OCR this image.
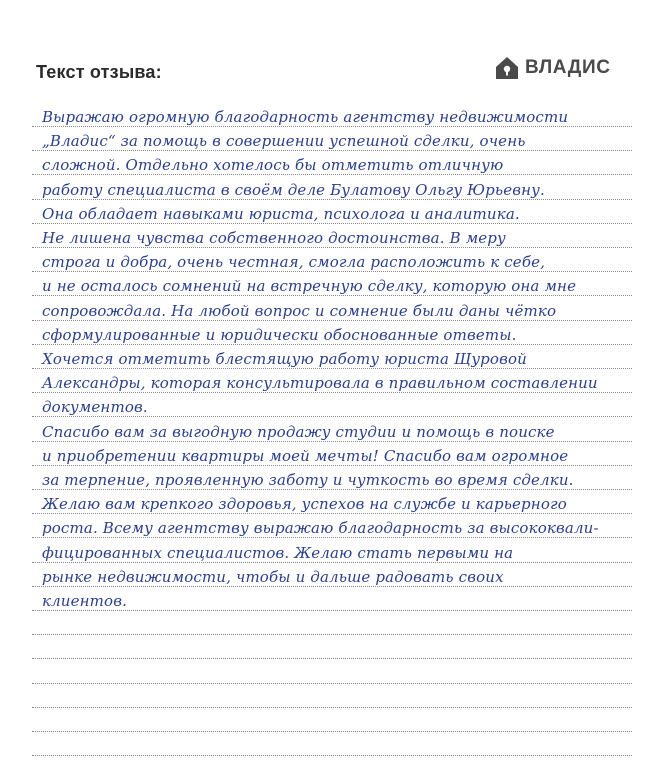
Текст отзыва:	ВЛАДИС
Выражаю огромную благодарность агентству недвижимости
„Владис“ за помощь в совершении успешной сделки, очень
сложной. Отдельно хотелось бы отметить отличную
работу специалиста в своём деле Булатову Ольгу Юрьевну.
Она обладает навыками юриста, психолога и аналитика.
Не лишена чувства собственного достоинства. В меру
строга и добра, очень честная, смогла расположить к себе,
и не осталось сомнений на встречную сделку, которую она мне
сопровождала. На любой вопрос и сомнение были даны чётко
сформулированные и юридически обоснованные ответы.
Хочется отметить блестящую работу юриста Щуровой
Александры, которая консультировала в правильном составлении
документов.
Спасибо вам за выгодную продажу студии и помощь в поиске
и приобретении квартиры моей мечты! Спасибо вам огромное
за терпение, проявленную заботу и чуткость во время сделки.
Желаю вам крепкого здоровья, успехов на службе и карьерного
роста. Всему агентству выражаю благодарность за высококвали-
фицированных специалистов. Желаю стать первыми на
рынке недвижимости, чтобы и дальше радовать своих
клиентов.
